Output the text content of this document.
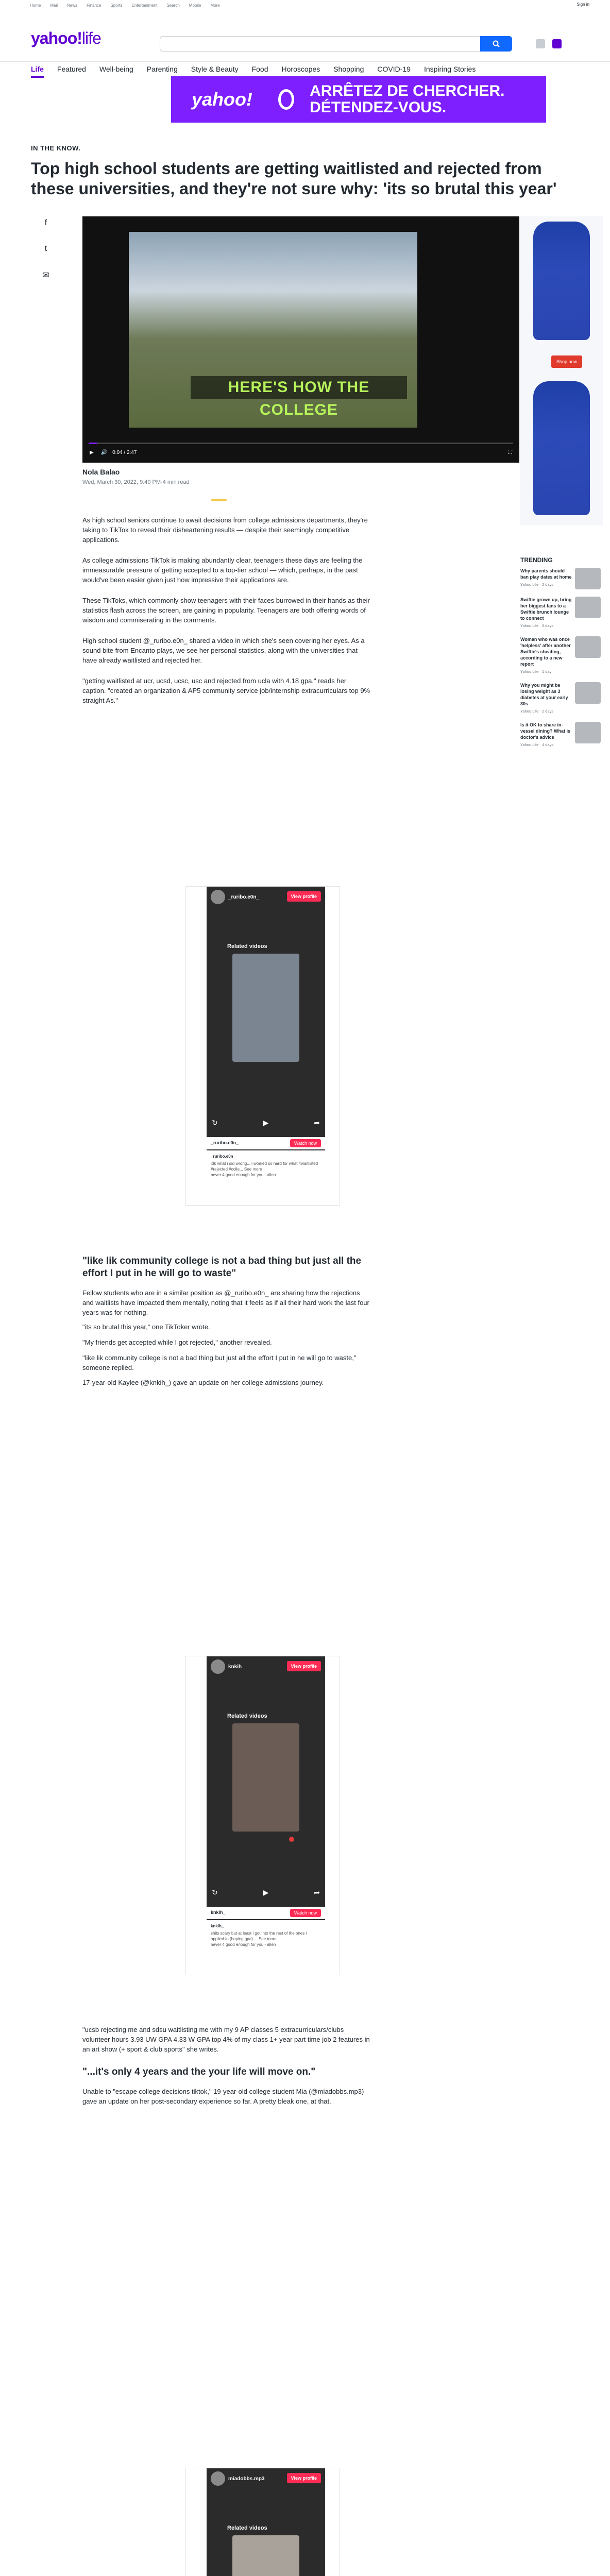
Home Mail News Finance Sports Entertainment Search Mobile More	Sign in
yahoo!life
Life Featured Well-being Parenting Style & Beauty Food Horoscopes Shopping COVID-19 Inspiring Stories
yahoo!	ARRÊTEZ DE CHERCHER. DÉTENDEZ-VOUS.
IN THE KNOW.
Top high school students are getting waitlisted and rejected from these universities, and they're not sure why: 'its so brutal this year'
f
t
✉
HERE'S HOW THE COLLEGE
▶ 🔊 0:04 / 2:47	⛶
Shop now
TRENDING
Why parents should ban play dates at home
Yahoo Life · 2 days
Swiftie grown up, bring her biggest fans to a Swiftie brunch lounge to connect
Yahoo Life · 3 days
Woman who was once 'helpless' after another Swiftie's cheating, according to a new report
Yahoo Life · 1 day
Why you might be losing weight as 3 diabetes at your early 30s
Yahoo Life · 2 days
Is it OK to share in-vessel dining? What is doctor's advice
Yahoo Life · 4 days
Nola Balao
Wed, March 30, 2022, 9:40 PM·4 min read

As high school seniors continue to await decisions from college admissions departments, they're taking to TikTok to reveal their disheartening results — despite their seemingly competitive applications.

As college admissions TikTok is making abundantly clear, teenagers these days are feeling the immeasurable pressure of getting accepted to a top-tier school — which, perhaps, in the past would've been easier given just how impressive their applications are.

These TikToks, which commonly show teenagers with their faces burrowed in their hands as their statistics flash across the screen, are gaining in popularity. Teenagers are both offering words of wisdom and commiserating in the comments.

High school student @_ruribo.e0n_ shared a video in which she's seen covering her eyes. As a sound bite from Encanto plays, we see her personal statistics, along with the universities that have already waitlisted and rejected her.

"getting waitlisted at ucr, ucsd, ucsc, usc and rejected from ucla with 4.18 gpa," reads her caption. "created an organization & AP5 community service job/internship extracurriculars top 9% straight As."

"like lik community college is not a bad thing but just all the effort I put in he will go to waste"

Fellow students who are in a similar position as @_ruribo.e0n_ are sharing how the rejections and waitlists have impacted them mentally, noting that it feels as if all their hard work the last four years was for nothing.

"its so brutal this year," one TikToker wrote.

"My friends get accepted while I got rejected," another revealed.

"like lik community college is not a bad thing but just all the effort I put in he will go to waste," someone replied.

17-year-old Kaylee (@knkih_) gave an update on her college admissions journey.

"ucsb rejecting me and sdsu waitlisting me with my 9 AP classes 5 extracurriculars/clubs volunteer hours 3.93 UW GPA 4.33 W GPA top 4% of my class 1+ year part time job 2 features in an art show (+ sport & club sports" she writes.

"...it's only 4 years and the your life will move on."

Unable to "escape college decisions tiktok," 19-year-old college student Mia (@miadobbs.mp3) gave an update on her post-secondary experience so far. A pretty bleak one, at that.

_ruribo.e0n_	View profile
Related videos
↻	▶	➦
_ruribo.e0n_	Watch now
_ruribo.e0n_
idk what i did wrong... i worked so hard for what #waitlisted #rejected #colle... See more
never 4 good enough for you - allen
knkih_	View profile
Related videos
↻	▶	➦
knkih_	Watch now
knkih_
shits scary but at least i got into the rest of the ones i applied to (hoping gpa) ... See more
never 4 good enough for you - allen
miadobbs.mp3	View profile
Related videos
